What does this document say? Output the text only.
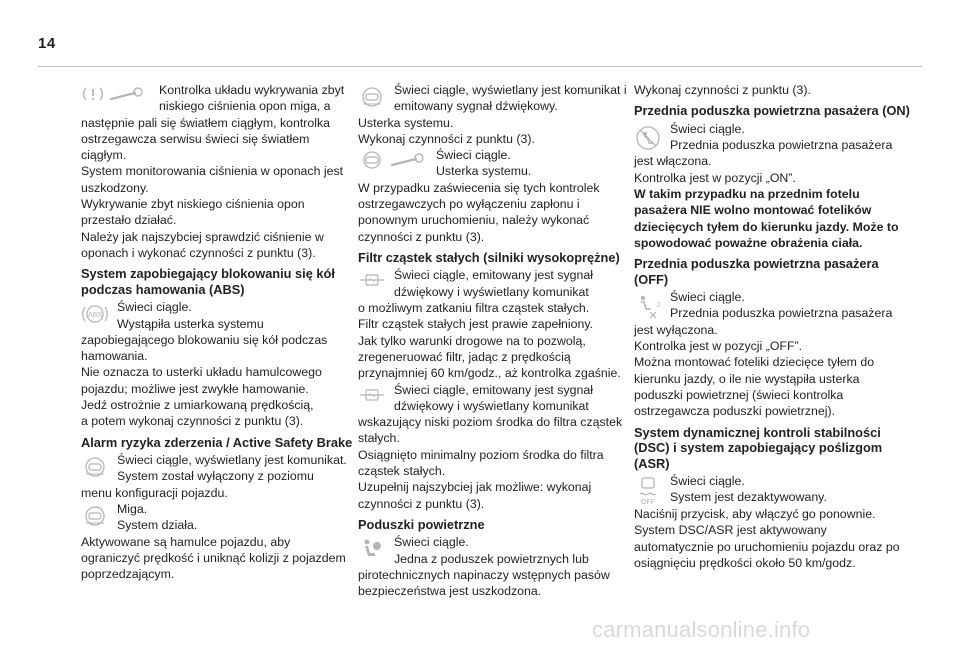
14
Kontrolka układu wykrywania zbyt niskiego ciśnienia opon miga, a

następnie pali się światłem ciągłym, kontrolka

ostrzegawcza serwisu świeci się światłem

ciągłym.

System monitorowania ciśnienia w oponach jest

uszkodzony.

Wykrywanie zbyt niskiego ciśnienia opon

przestało działać.

Należy jak najszybciej sprawdzić ciśnienie w

oponach i wykonać czynności z punktu (3).

System zapobiegający blokowaniu się kół podczas hamowania (ABS)
ABS
Świeci ciągle.
Wystąpiła usterka systemu

zapobiegającego blokowaniu się kół podczas

hamowania.

Nie oznacza to usterki układu hamulcowego

pojazdu; możliwe jest zwykłe hamowanie.

Jedź ostrożnie z umiarkowaną prędkością,

a potem wykonaj czynności z punktu (3).

Alarm ryzyka zderzenia / Active Safety Brake
Świeci ciągle, wyświetlany jest komunikat.
System został wyłączony z poziomu

menu konfiguracji pojazdu.

Miga.
System działa.

Aktywowane są hamulce pojazdu, aby

ograniczyć prędkość i uniknąć kolizji z pojazdem

poprzedzającym.

Świeci ciągle, wyświetlany jest komunikat i emitowany sygnał dźwiękowy.

Usterka systemu.

Wykonaj czynności z punktu (3).

Świeci ciągle.
Usterka systemu.

W przypadku zaświecenia się tych kontrolek

ostrzegawczych po wyłączeniu zapłonu i

ponownym uruchomieniu, należy wykonać

czynności z punktu (3).

Filtr cząstek stałych (silniki wysokoprężne)
Świeci ciągle, emitowany jest sygnał dźwiękowy i wyświetlany komunikat

o możliwym zatkaniu filtra cząstek stałych.

Filtr cząstek stałych jest prawie zapełniony.

Jak tylko warunki drogowe na to pozwolą,

zregeneruować filtr, jadąc z prędkością

przynajmniej 60 km/godz., aż kontrolka zgaśnie.

Świeci ciągle, emitowany jest sygnał dźwiękowy i wyświetlany komunikat

wskazujący niski poziom środka do filtra cząstek

stałych.

Osiągnięto minimalny poziom środka do filtra

cząstek stałych.

Uzupełnij najszybciej jak możliwe: wykonaj

czynności z punktu (3).

Poduszki powietrzne
Świeci ciągle.
Jedna z poduszek powietrznych lub

pirotechnicznych napinaczy wstępnych pasów

bezpieczeństwa jest uszkodzona.

Wykonaj czynności z punktu (3).

Przednia poduszka powietrzna pasażera (ON)
Świeci ciągle.
Przednia poduszka powietrzna pasażera

jest włączona.

Kontrolka jest w pozycji „ON”.

W takim przypadku na przednim fotelu

pasażera NIE wolno montować fotelików

dziecięcych tyłem do kierunku jazdy. Może to

spowodować poważne obrażenia ciała.

Przednia poduszka powietrzna pasażera (OFF)
2
Świeci ciągle.
Przednia poduszka powietrzna pasażera

jest wyłączona.

Kontrolka jest w pozycji „OFF”.

Można montować foteliki dziecięce tyłem do

kierunku jazdy, o ile nie wystąpiła usterka

poduszki powietrznej (świeci kontrolka

ostrzegawcza poduszki powietrznej).

System dynamicznej kontroli stabilności (DSC) i system zapobiegający poślizgom (ASR)
OFF
Świeci ciągle.
System jest dezaktywowany.

Naciśnij przycisk, aby włączyć go ponownie.

System DSC/ASR jest aktywowany

automatycznie po uruchomieniu pojazdu oraz po

osiągnięciu prędkości około 50 km/godz.

carmanualsonline.info
